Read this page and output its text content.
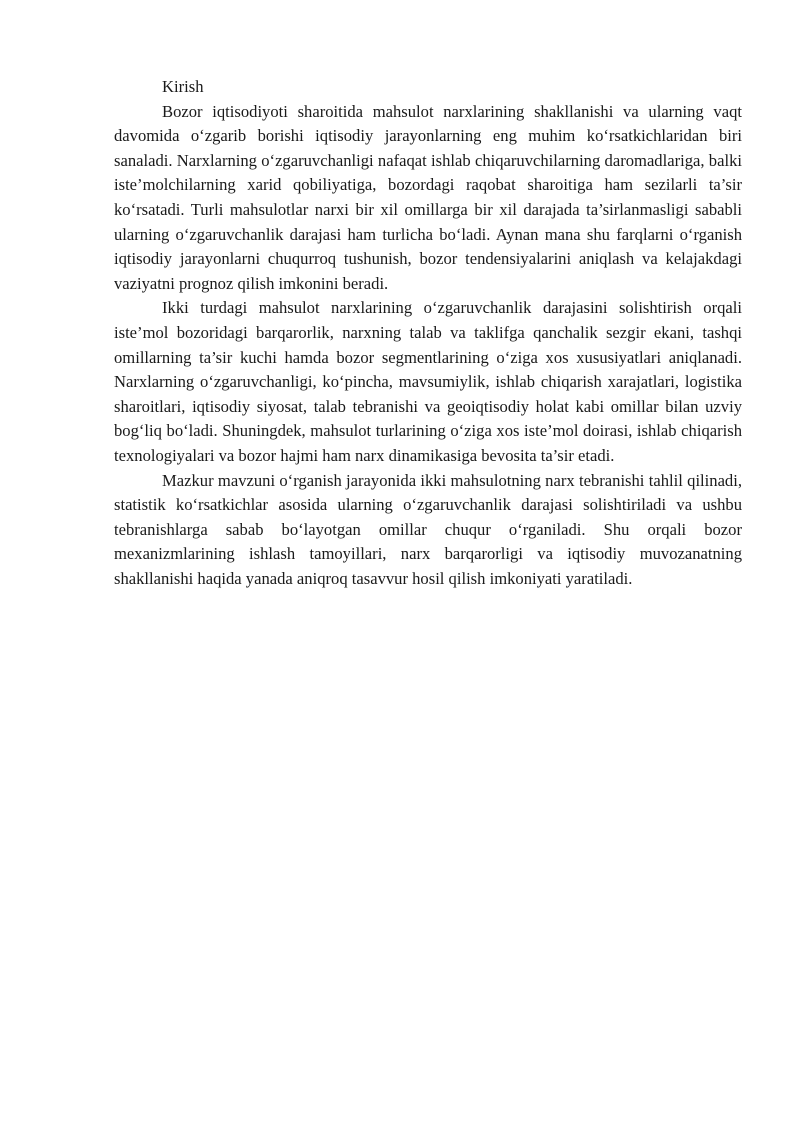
Kirish

Bozor iqtisodiyoti sharoitida mahsulot narxlarining shakllanishi va ularning vaqt davomida o‘zgarib borishi iqtisodiy jarayonlarning eng muhim ko‘rsatkichlaridan biri sanaladi. Narxlarning o‘zgaruvchanligi nafaqat ishlab chiqaruvchilarning daromadlariga, balki iste’molchilarning xarid qobiliyatiga, bozordagi raqobat sharoitiga ham sezilarli ta’sir ko‘rsatadi. Turli mahsulotlar narxi bir xil omillarga bir xil darajada ta’sirlanmasligi sababli ularning o‘zgaruvchanlik darajasi ham turlicha bo‘ladi. Aynan mana shu farqlarni o‘rganish iqtisodiy jarayonlarni chuqurroq tushunish, bozor tendensiyalarini aniqlash va kelajakdagi vaziyatni prognoz qilish imkonini beradi.

Ikki turdagi mahsulot narxlarining o‘zgaruvchanlik darajasini solishtirish orqali iste’mol bozoridagi barqarorlik, narxning talab va taklifga qanchalik sezgir ekani, tashqi omillarning ta’sir kuchi hamda bozor segmentlarining o‘ziga xos xususiyatlari aniqlanadi. Narxlarning o‘zgaruvchanligi, ko‘pincha, mavsumiylik, ishlab chiqarish xarajatlari, logistika sharoitlari, iqtisodiy siyosat, talab tebranishi va geoiqtisodiy holat kabi omillar bilan uzviy bog‘liq bo‘ladi. Shuningdek, mahsulot turlarining o‘ziga xos iste’mol doirasi, ishlab chiqarish texnologiyalari va bozor hajmi ham narx dinamikasiga bevosita ta’sir etadi.

Mazkur mavzuni o‘rganish jarayonida ikki mahsulotning narx tebranishi tahlil qilinadi, statistik ko‘rsatkichlar asosida ularning o‘zgaruvchanlik darajasi solishtiriladi va ushbu tebranishlarga sabab bo‘layotgan omillar chuqur o‘rganiladi. Shu orqali bozor mexanizmlarining ishlash tamoyillari, narx barqarorligi va iqtisodiy muvozanatning shakllanishi haqida yanada aniqroq tasavvur hosil qilish imkoniyati yaratiladi.
